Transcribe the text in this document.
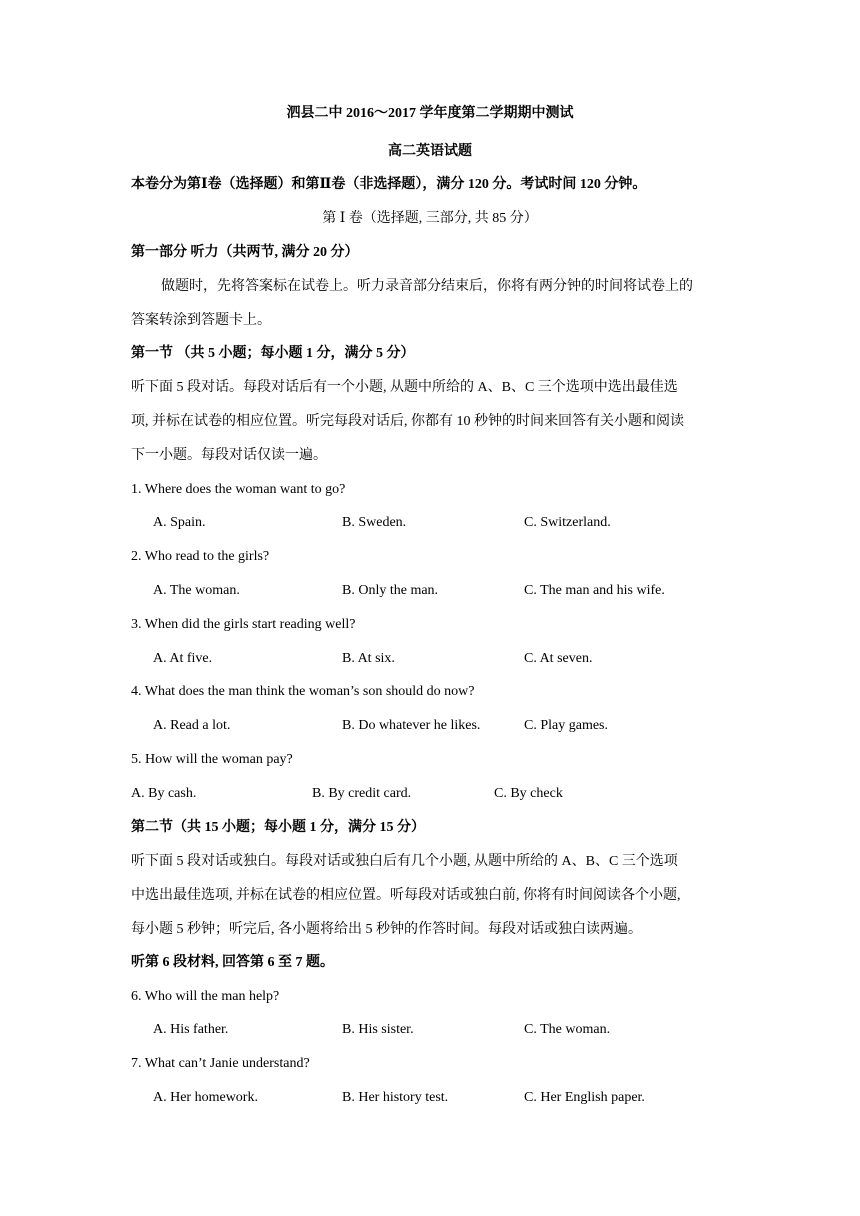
泗县二中 2016～2017 学年度第二学期期中测试
高二英语试题
本卷分为第Ⅰ卷（选择题）和第Ⅱ卷（非选择题），满分 120 分。考试时间 120 分钟。
第 Ⅰ 卷（选择题, 三部分, 共 85 分）
第一部分 听力（共两节, 满分 20 分）
做题时，先将答案标在试卷上。听力录音部分结束后，你将有两分钟的时间将试卷上的
答案转涂到答题卡上。
第一节 （共 5 小题；每小题 1 分，满分 5 分）
听下面 5 段对话。每段对话后有一个小题, 从题中所给的 A、B、C 三个选项中选出最佳选
项, 并标在试卷的相应位置。听完每段对话后, 你都有 10 秒钟的时间来回答有关小题和阅读
下一小题。每段对话仅读一遍。
1. Where does the woman want to go?
A. Spain.	B. Sweden.	C. Switzerland.
2. Who read to the girls?
A. The woman.	B. Only the man.	C. The man and his wife.
3. When did the girls start reading well?
A. At five.	B. At six.	C. At seven.
4. What does the man think the woman’s son should do now?
A. Read a lot.	B. Do whatever he likes.	C. Play games.
5. How will the woman pay?
A. By cash.	B. By credit card.	C. By check
第二节（共 15 小题；每小题 1 分，满分 15 分）
听下面 5 段对话或独白。每段对话或独白后有几个小题, 从题中所给的 A、B、C 三个选项
中选出最佳选项, 并标在试卷的相应位置。听每段对话或独白前, 你将有时间阅读各个小题,
每小题 5 秒钟；听完后, 各小题将给出 5 秒钟的作答时间。每段对话或独白读两遍。
听第 6 段材料, 回答第 6 至 7 题。
6. Who will the man help?
A. His father.	B. His sister.	C. The woman.
7. What can’t Janie understand?
A. Her homework.	B. Her history test.	C. Her English paper.
